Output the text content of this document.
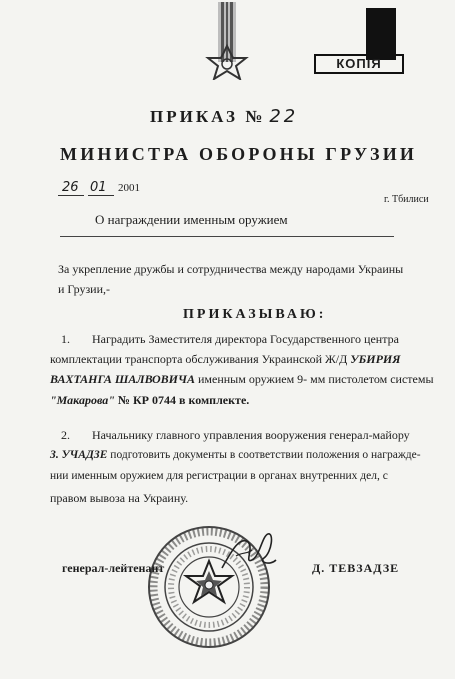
КОПІЯ
ПРИКАЗ № 22
МИНИСТРА ОБОРОНЫ ГРУЗИИ
26 01 2001
г. Тбилиси
О награждении именным оружием
За укрепление дружбы и сотрудничества между народами Украины
и Грузии,-
ПРИКАЗЫВАЮ:
1. Наградить Заместителя директора Государственного центра
комплектации транспорта обслуживания Украинской Ж/Д УБИРИЯ
ВАХТАНГА ШАЛВОВИЧА именным оружием 9- мм пистолетом системы
"Макарова" № КР 0744 в комплекте.
2. Начальнику главного управления вооружения генерал-майору
З. УЧАДЗЕ подготовить документы в соответствии положения о награжде-
нии именным оружием для регистрации в органах внутренних дел, с
правом вывоза на Украину.
генерал-лейтенант	Д. ТЕВЗАДЗЕ
